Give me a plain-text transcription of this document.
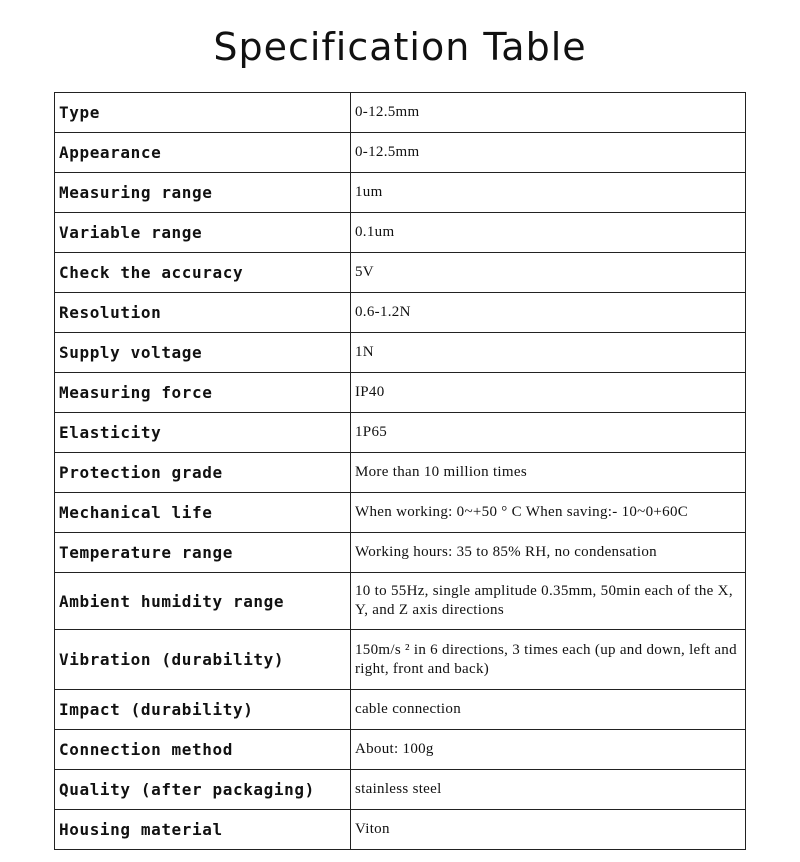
Specification Table
Type	0-12.5mm
Appearance	0-12.5mm
Measuring range	1um
Variable range	0.1um
Check the accuracy	5V
Resolution	0.6-1.2N
Supply voltage	1N
Measuring force	IP40
Elasticity	1P65
Protection grade	More than 10 million times
Mechanical life	When working: 0~+50 ° C When saving:- 10~0+60C
Temperature range	Working hours: 35 to 85% RH, no condensation
Ambient humidity range	10 to 55Hz, single amplitude 0.35mm, 50min each of the X, Y, and Z axis directions
Vibration (durability)	150m/s ² in 6 directions, 3 times each (up and down, left and right, front and back)
Impact (durability)	cable connection
Connection method	About: 100g
Quality (after packaging)	stainless steel
Housing material	Viton
